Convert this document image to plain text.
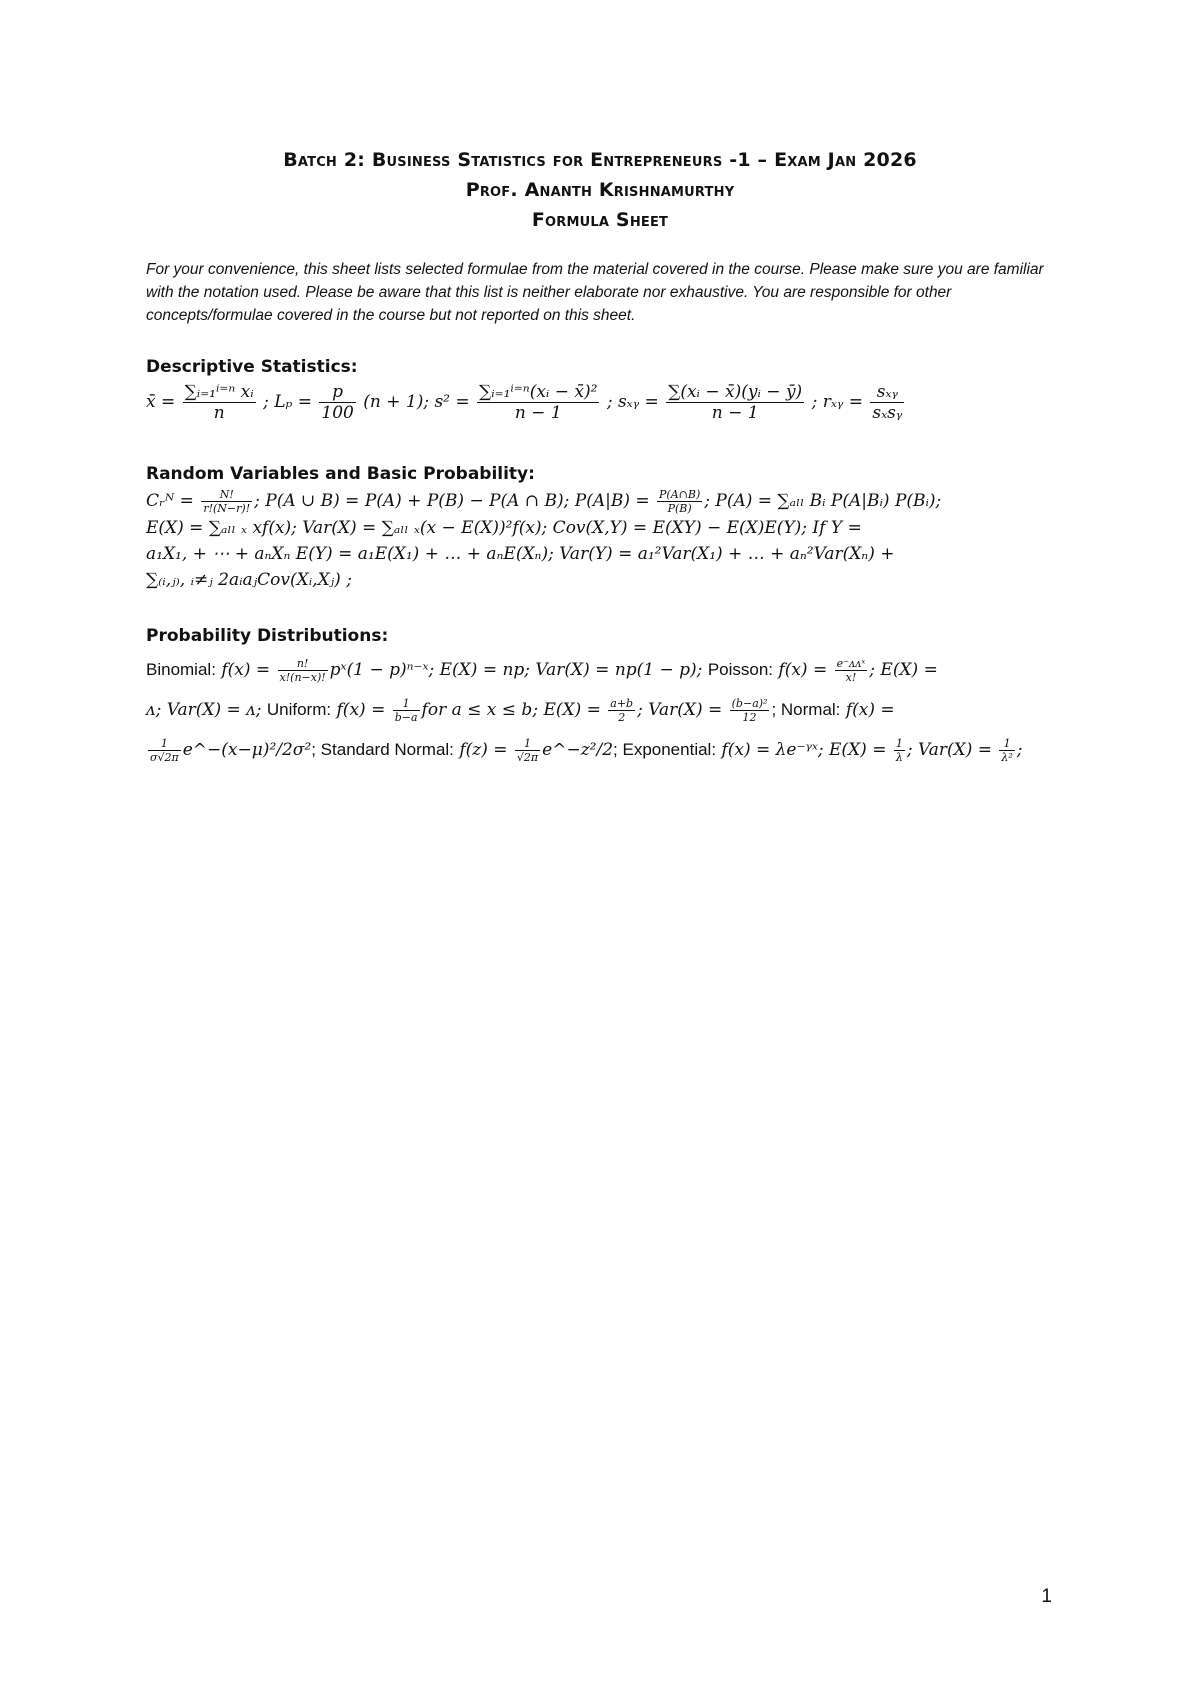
Batch 2: Business Statistics for Entrepreneurs -1 – Exam Jan 2026
Prof. Ananth Krishnamurthy
Formula Sheet
For your convenience, this sheet lists selected formulae from the material covered in the course. Please make sure you are familiar with the notation used. Please be aware that this list is neither elaborate nor exhaustive. You are responsible for other concepts/formulae covered in the course but not reported on this sheet.
Descriptive Statistics:
x̄ = $\frac{\text{∑ᵢ₌₁ⁱ⁼ⁿ xᵢ}}{n}$ ; $L_p = \frac{p}{100} (n + 1)$; $s^2 = \frac{\text{∑ᵢ₌₁ⁱ⁼ⁿ(xᵢ − x̄)²}}{n - 1}$ ; sₓᵧ = $\frac{\text{∑(xᵢ − x̄)(yᵢ − ȳ)}}{n - 1}$ ; rₓᵧ = $\frac{\text{sₓᵧ}}{\text{sₓsᵧ}}$
Random Variables and Basic Probability:
Cᵣᴺ = $\frac{N!}{r!(N-r)!}$ ; P(A ∪ B) = P(A) + P(B) − P(A ∩ B); $P(A|B) = \frac{P(A\cap B)}{P(B)}$ ; P(A) = ∑ₐₗₗ Bᵢ P(A|Bᵢ) P(Bᵢ);
E(X) = ∑ₐₗₗ ₓ xf(x); Var(X) = ∑ₐₗₗ ₓ(x − E(X))²f(x); Cov(X,Y) = E(XY) − E(X)E(Y); If Y =
a₁X₁, + ⋯ + aₙXₙ E(Y) = a₁E(X₁) + … + aₙE(Xₙ); Var(Y) = a₁²Var(X₁) + … + aₙ²Var(Xₙ) +
∑₍ᵢ,ⱼ₎, ᵢ≠ⱼ 2aᵢaⱼCov(Xᵢ,Xⱼ) ;
Probability Distributions:
Binomial: $f(x) = \frac{n!}{x!(n-x)!}$ pˣ(1 − p)ⁿ⁻ˣ; E(X) = np; Var(X) = np(1 − p); Poisson: $f(x) = \frac{\text{e⁻ᴧᴧˣ}}{x!}$ ; E(X) =
ᴧ; Var(X) = ᴧ; Uniform: $f(x) = \frac{1}{b-a}$ for a ≤ x ≤ b; $E(X) = \frac{a+b}{2}$ ; $Var(X) = \frac{\text{(b−a)²}}{12}$ ; Normal: f(x) =
$\frac{1}{\sigma√2\pi}$ e^−(x−μ)²/2σ²; Standard Normal: $f(z) = \frac{1}{√2\pi}$ e^−z²/2; Exponential: f(x) = λe⁻ᵞˣ; $E(X) = \frac{1}{\lambda}$ ; $Var(X) = \frac{1}{\text{λ²}}$ ;
1
